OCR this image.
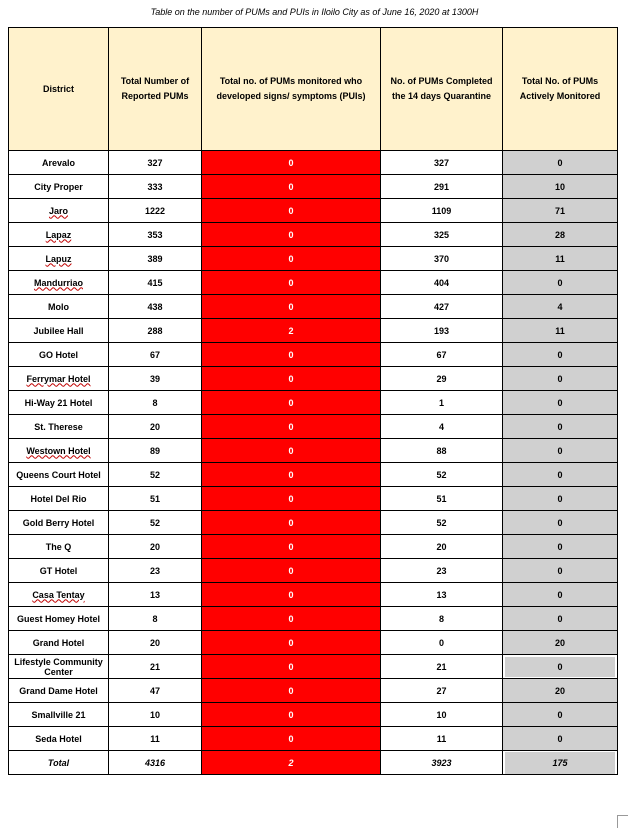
Table on the number of PUMs and PUIs in Iloilo City as of June 16, 2020 at 1300H
District	Total Number of Reported PUMs	Total no. of PUMs monitored who developed signs/ symptoms (PUIs)	No. of PUMs Completed the 14 days Quarantine	Total No. of PUMs Actively Monitored
Arevalo	327	0	327	0
City Proper	333	0	291	10
Jaro	1222	0	1109	71
Lapaz	353	0	325	28
Lapuz	389	0	370	11
Mandurriao	415	0	404	0
Molo	438	0	427	4
Jubilee Hall	288	2	193	11
GO Hotel	67	0	67	0
Ferrymar Hotel	39	0	29	0
Hi-Way 21 Hotel	8	0	1	0
St. Therese	20	0	4	0
Westown Hotel	89	0	88	0
Queens Court Hotel	52	0	52	0
Hotel Del Rio	51	0	51	0
Gold Berry Hotel	52	0	52	0
The Q	20	0	20	0
GT Hotel	23	0	23	0
Casa Tentay	13	0	13	0
Guest Homey Hotel	8	0	8	0
Grand Hotel	20	0	0	20
Lifestyle Community Center	21	0	21	0

Grand Dame Hotel	47	0	27	20
Smallville 21	10	0	10	0
Seda Hotel	11	0	11	0
Total	4316	2	3923	175
